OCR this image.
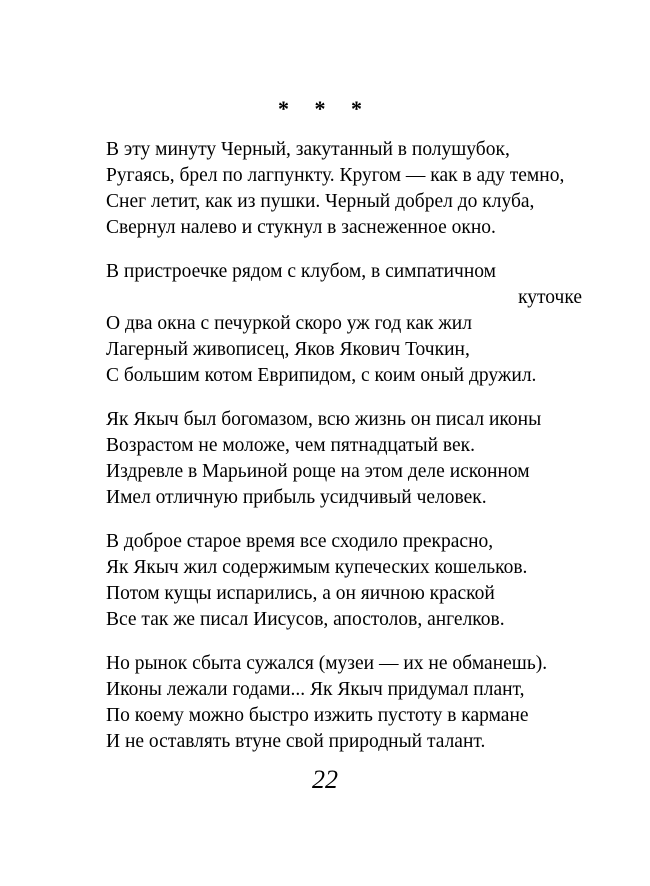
* * *
В эту минуту Черный, закутанный в полушубок,
Ругаясь, брел по лагпункту. Кругом — как в аду темно,
Снег летит, как из пушки. Черный добрел до клуба,
Свернул налево и стукнул в заснеженное окно.
В пристроечке рядом с клубом, в симпатичном
куточке
О два окна с печуркой скоро уж год как жил
Лагерный живописец, Яков Якович Точкин,
С большим котом Еврипидом, с коим оный дружил.
Як Якыч был богомазом, всю жизнь он писал иконы
Возрастом не моложе, чем пятнадцатый век.
Издревле в Марьиной роще на этом деле исконном
Имел отличную прибыль усидчивый человек.
В доброе старое время все сходило прекрасно,
Як Якыч жил содержимым купеческих кошельков.
Потом кущы испарились, а он яичною краской
Все так же писал Иисусов, апостолов, ангелков.
Но рынок сбыта сужался (музеи — их не обманешь).
Иконы лежали годами... Як Якыч придумал плант,
По коему можно быстро изжить пустоту в кармане
И не оставлять втуне свой природный талант.
22
